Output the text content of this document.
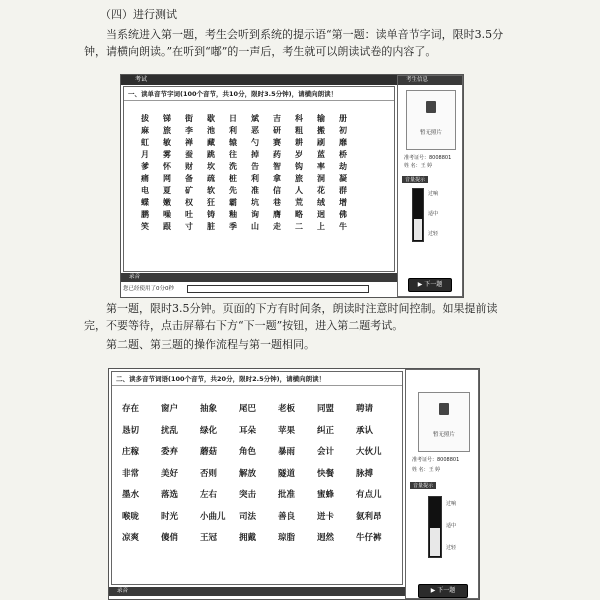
（四）进行测试
当系统进入第一题，考生会听到系统的提示语“第一题：读单音节字词，限时3.5分钟，请横向朗读。”在听到“嘟”的一声后，考生就可以朗读试卷的内容了。
考试
一、读单音节字词(100个音节，共10分，限时3.5分钟)，请横向朗读！
拔	锑	街	歇	日	斌	吉	科	输	册
麻	旅	李	池	利	恶	研	粗	搬	初
虹	敏	禅	藏	辕	勺	赛	耕	刷	靡
月	雾	蚕	跳	往	掉	药	岁	蓝	桥
爹	怀	财	坎	洗	告	智	钩	率	劫
痛	网	备	疏	桩	利	拿	旅	洞	凝
电	夏	矿	软	先	准	信	人	花	群
蝶	嫩	权	狂	霸	坑	巷	荒	绒	增
鹏	噪	吐	铸	釉	询	膺	略	迥	佛
笑	跟	寸	脏	季	山	走	二	上	牛
考生信息
暂无照片
准考证号：8008801
姓 名：王 婷
音量提示
过响
适中
过轻
▶ 下一题
录音
您已经使用了0分0秒
第一题，限时3.5分钟。页面的下方有时间条，朗读时注意时间控制。如果提前读完，不要等待，点击屏幕右下方“下一题”按钮，进入第二题考试。
第二题、第三题的操作流程与第一题相同。
二、读多音节词语(100个音节，共20分，限时2.5分钟)，请横向朗读！
存在	窗户	抽象	尾巴	老板	同盟	聘请
恳切	扰乱	绿化	耳朵	苹果	纠正	承认
庄稼	委弃	蘑菇	角色	暴雨	会计	大伙儿
非常	美好	否则	解放	隧道	快餐	脉搏
墨水	落选	左右	突击	批准	蜜蜂	有点儿
喉咙	时光	小曲儿	司法	善良	迸卡	氨利昂
凉爽	傻俏	王冠	拥戴	琼脂	迥然	牛仔裤
暂无照片
准考证号：8008801
姓 名：王 婷
音量提示
过响
适中
过轻
▶ 下一题
录音
